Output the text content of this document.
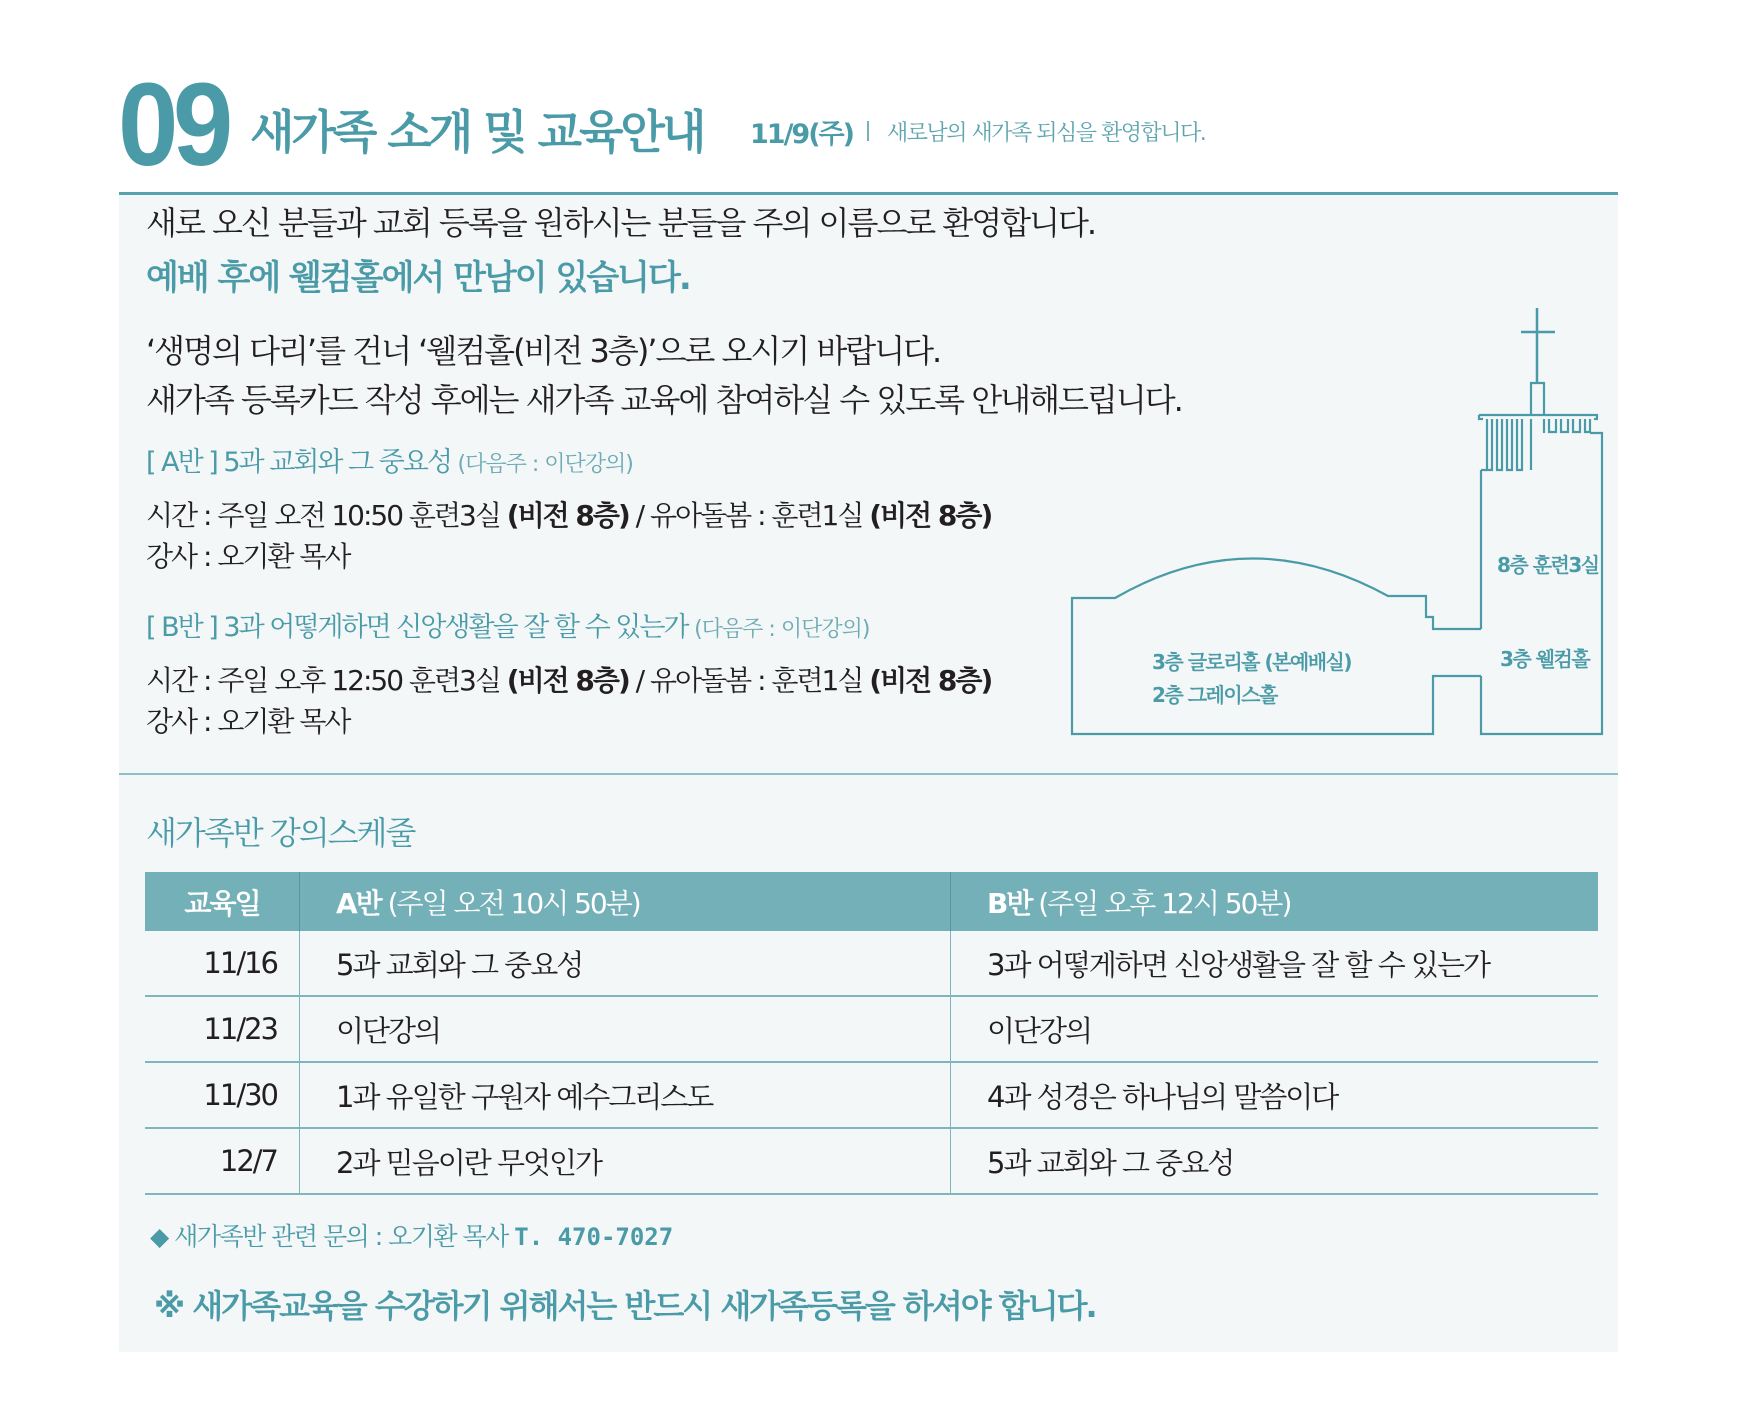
09 새가족 소개 및 교육안내 11/9(주) 새로남의 새가족 되심을 환영합니다.
새로 오신 분들과 교회 등록을 원하시는 분들을 주의 이름으로 환영합니다.
예배 후에 웰컴홀에서 만남이 있습니다.
‘생명의 다리’를 건너 ‘웰컴홀(비전 3층)’으로 오시기 바랍니다.
새가족 등록카드 작성 후에는 새가족 교육에 참여하실 수 있도록 안내해드립니다.
[ A반 ] 5과 교회와 그 중요성 (다음주 : 이단강의)
시간 : 주일 오전 10:50 훈련3실 (비전 8층) / 유아돌봄 : 훈련1실 (비전 8층)
강사 : 오기환 목사
[ B반 ] 3과 어떻게하면 신앙생활을 잘 할 수 있는가 (다음주 : 이단강의)
시간 : 주일 오후 12:50 훈련3실 (비전 8층) / 유아돌봄 : 훈련1실 (비전 8층)
강사 : 오기환 목사
8층 훈련3실
3층 웰컴홀
3층 글로리홀 (본예배실)
2층 그레이스홀
새가족반 강의스케줄
교육일	A반 (주일 오전 10시 50분)	B반 (주일 오후 12시 50분)
11/16	5과 교회와 그 중요성	3과 어떻게하면 신앙생활을 잘 할 수 있는가
11/23	이단강의	이단강의
11/30	1과 유일한 구원자 예수그리스도	4과 성경은 하나님의 말씀이다
12/7	2과 믿음이란 무엇인가	5과 교회와 그 중요성
◆ 새가족반 관련 문의 : 오기환 목사 T. 470-7027
※ 새가족교육을 수강하기 위해서는 반드시 새가족등록을 하셔야 합니다.
